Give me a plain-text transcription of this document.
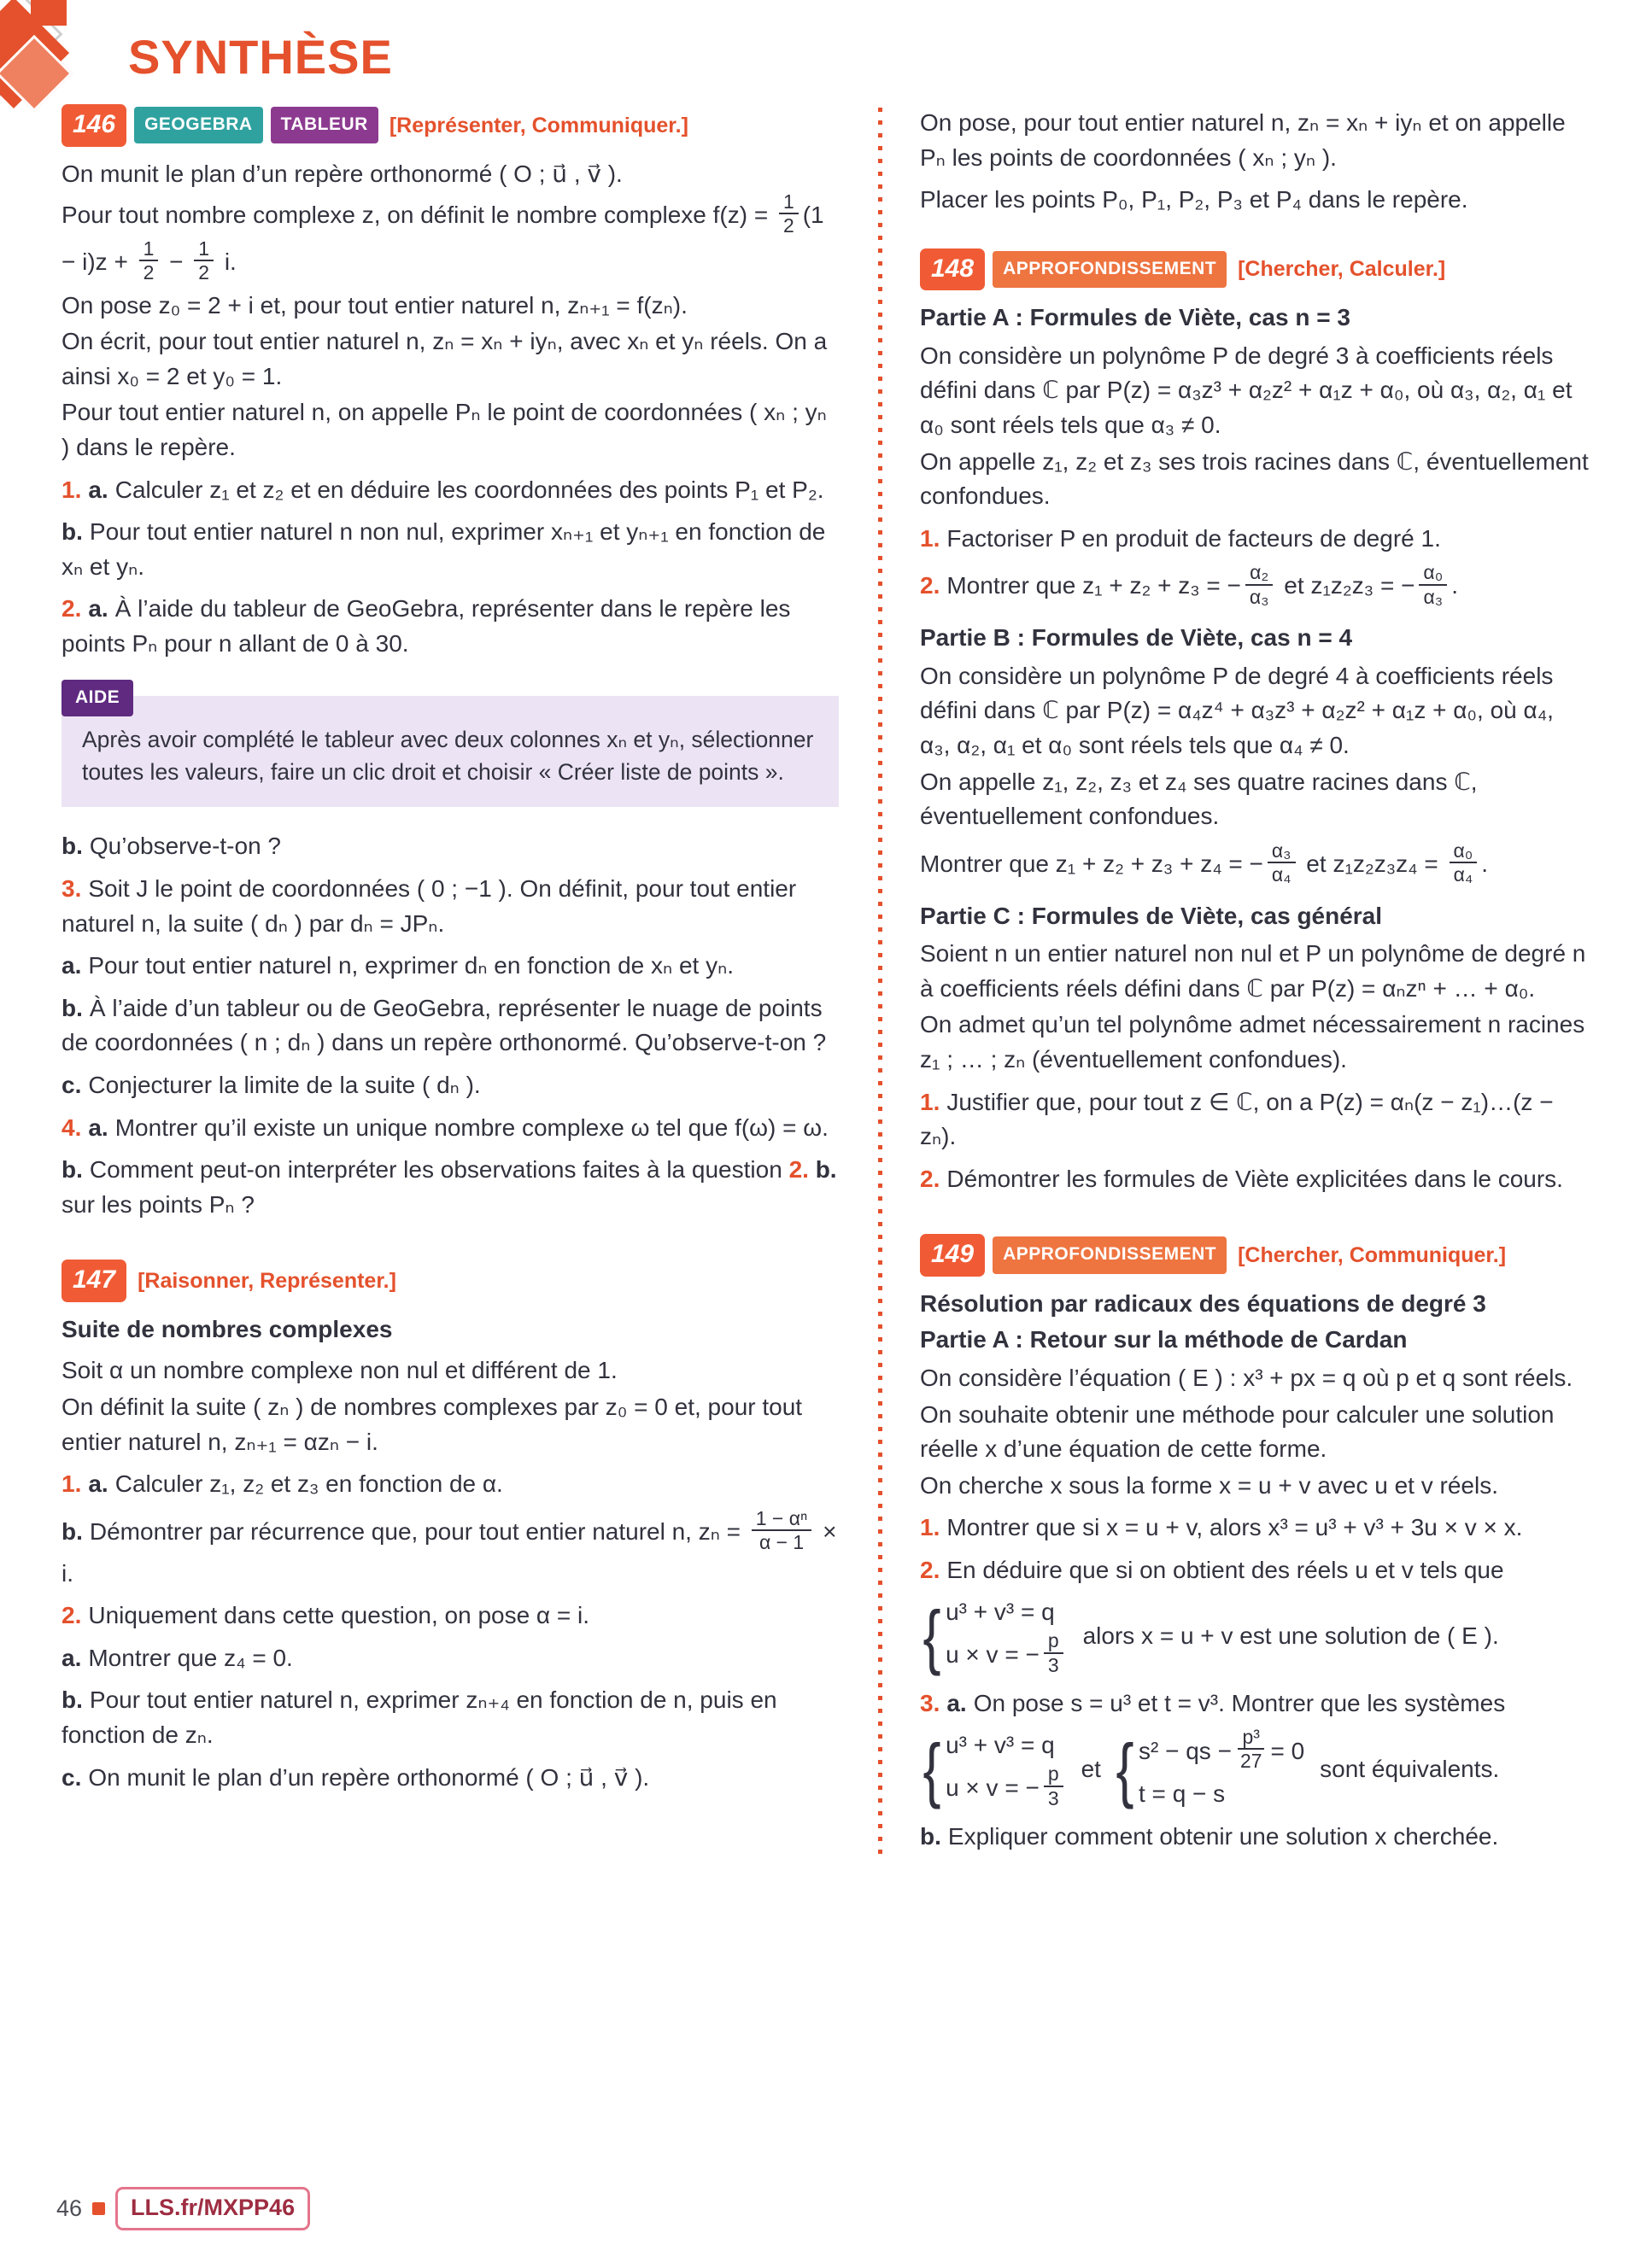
SYNTHÈSE
146	GEOGEBRA	TABLEUR	[Représenter, Communiquer.]

On munit le plan d’un repère orthonormé ( O ; u⃗ , v⃗ ).

Pour tout nombre complexe z, on définit le nombre complexe $f(z) = \frac{1}{2} (1 - i)z + \frac{1}{2} - \frac{1}{2} i$.

On pose z₀ = 2 + i et, pour tout entier naturel n, zₙ₊₁ = f(zₙ).

On écrit, pour tout entier naturel n, zₙ = xₙ + iyₙ, avec xₙ et yₙ réels. On a ainsi x₀ = 2 et y₀ = 1.

Pour tout entier naturel n, on appelle Pₙ le point de coordonnées ( xₙ ; yₙ ) dans le repère.

1. a. Calculer z₁ et z₂ et en déduire les coordonnées des points P₁ et P₂.

b. Pour tout entier naturel n non nul, exprimer xₙ₊₁ et yₙ₊₁ en fonction de xₙ et yₙ.

2. a. À l’aide du tableur de GeoGebra, représenter dans le repère les points Pₙ pour n allant de 0 à 30.

AIDE

Après avoir complété le tableur avec deux colonnes xₙ et yₙ, sélectionner toutes les valeurs, faire un clic droit et choisir « Créer liste de points ».

b. Qu’observe-t-on ?

3. Soit J le point de coordonnées ( 0 ; −1 ). On définit, pour tout entier naturel n, la suite ( dₙ ) par dₙ = JPₙ.

a. Pour tout entier naturel n, exprimer dₙ en fonction de xₙ et yₙ.

b. À l’aide d’un tableur ou de GeoGebra, représenter le nuage de points de coordonnées ( n ; dₙ ) dans un repère orthonormé. Qu’observe-t-on ?

c. Conjecturer la limite de la suite ( dₙ ).

4. a. Montrer qu’il existe un unique nombre complexe ω tel que f(ω) = ω.

b. Comment peut-on interpréter les observations faites à la question 2. b. sur les points Pₙ ?

147	[Raisonner, Représenter.]

Suite de nombres complexes

Soit α un nombre complexe non nul et différent de 1.

On définit la suite ( zₙ ) de nombres complexes par z₀ = 0 et, pour tout entier naturel n, zₙ₊₁ = αzₙ − i.

1. a. Calculer z₁, z₂ et z₃ en fonction de α.

b. Démontrer par récurrence que, pour tout entier naturel n, $z_n = \frac{\text{1 − αⁿ}}{\alpha - 1} \times i$.

2. Uniquement dans cette question, on pose α = i.

a. Montrer que z₄ = 0.

b. Pour tout entier naturel n, exprimer zₙ₊₄ en fonction de n, puis en fonction de zₙ.

c. On munit le plan d’un repère orthonormé ( O ; u⃗ , v⃗ ).

On pose, pour tout entier naturel n, zₙ = xₙ + iyₙ et on appelle Pₙ les points de coordonnées ( xₙ ; yₙ ).

Placer les points P₀, P₁, P₂, P₃ et P₄ dans le repère.

148	APPROFONDISSEMENT	[Chercher, Calculer.]

Partie A : Formules de Viète, cas n = 3

On considère un polynôme P de degré 3 à coefficients réels défini dans ℂ par P(z) = α₃z³ + α₂z² + α₁z + α₀, où α₃, α₂, α₁ et α₀ sont réels tels que α₃ ≠ 0.

On appelle z₁, z₂ et z₃ ses trois racines dans ℂ, éventuellement confondues.

1. Factoriser P en produit de facteurs de degré 1.

2. Montrer que z₁ + z₂ + z₃ = − $\frac{\text{α₂}}{\text{α₃}}$ et z₁z₂z₃ = − $\frac{\text{α₀}}{\text{α₃}}$ .

Partie B : Formules de Viète, cas n = 4

On considère un polynôme P de degré 4 à coefficients réels défini dans ℂ par P(z) = α₄z⁴ + α₃z³ + α₂z² + α₁z + α₀, où α₄, α₃, α₂, α₁ et α₀ sont réels tels que α₄ ≠ 0.

On appelle z₁, z₂, z₃ et z₄ ses quatre racines dans ℂ, éventuellement confondues.

Montrer que z₁ + z₂ + z₃ + z₄ = − $\frac{\text{α₃}}{\text{α₄}}$ et $z_1z_2z_3z_4 = \frac{\text{α₀}}{\text{α₄}}$ .

Partie C : Formules de Viète, cas général

Soient n un entier naturel non nul et P un polynôme de degré n à coefficients réels défini dans ℂ par P(z) = αₙzⁿ + … + α₀.

On admet qu’un tel polynôme admet nécessairement n racines z₁ ; … ; zₙ (éventuellement confondues).

1. Justifier que, pour tout z ∈ ℂ, on a P(z) = αₙ(z − z₁)…(z − zₙ).

2. Démontrer les formules de Viète explicitées dans le cours.

149	APPROFONDISSEMENT	[Chercher, Communiquer.]

Résolution par radicaux des équations de degré 3

Partie A : Retour sur la méthode de Cardan

On considère l’équation ( E ) : x³ + px = q où p et q sont réels.

On souhaite obtenir une méthode pour calculer une solution réelle x d’une équation de cette forme.

On cherche x sous la forme x = u + v avec u et v réels.

1. Montrer que si x = u + v, alors x³ = u³ + v³ + 3u × v × x.

2. En déduire que si on obtient des réels u et v tels que

{ u³ + v³ = q
u × v = − $\frac{p}{3}$ alors x = u + v est une solution de ( E ).

3. a. On pose s = u³ et t = v³. Montrer que les systèmes

{ u³ + v³ = q
u × v = − $\frac{p}{3}$ et { s² − qs − $\frac{\text{p³}}{27} = 0$
t = q − s
sont équivalents.

b. Expliquer comment obtenir une solution x cherchée.

46	LLS.fr/MXPP46
